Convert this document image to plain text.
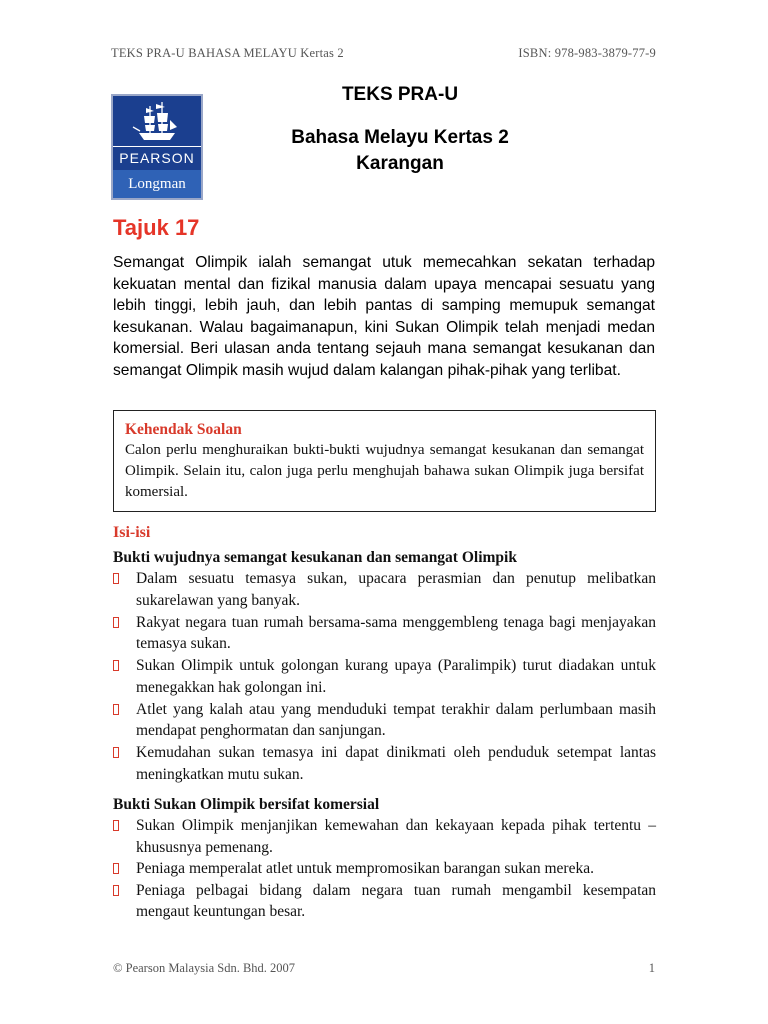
TEKS PRA-U BAHASA MELAYU Kertas 2	ISBN: 978-983-3879-77-9
PEARSON
Longman
TEKS PRA-U
Bahasa Melayu Kertas 2
Karangan
Tajuk 17

Semangat Olimpik ialah semangat utuk memecahkan sekatan terhadap kekuatan mental dan fizikal manusia dalam upaya mencapai sesuatu yang lebih tinggi, lebih jauh, dan lebih pantas di samping memupuk semangat kesukanan. Walau bagaimanapun, kini Sukan Olimpik telah menjadi medan komersial. Beri ulasan anda tentang sejauh mana semangat kesukanan dan semangat Olimpik masih wujud dalam kalangan pihak-pihak yang terlibat.

Kehendak Soalan

Calon perlu menghuraikan bukti-bukti wujudnya semangat kesukanan dan semangat Olimpik. Selain itu, calon juga perlu menghujah bahawa sukan Olimpik juga bersifat komersial.

Isi-isi
Bukti wujudnya semangat kesukanan dan semangat Olimpik
Dalam sesuatu temasya sukan, upacara perasmian dan penutup melibatkan sukarelawan yang banyak.
Rakyat negara tuan rumah bersama-sama menggembleng tenaga bagi menjayakan temasya sukan.
Sukan Olimpik untuk golongan kurang upaya (Paralimpik) turut diadakan untuk menegakkan hak golongan ini.
Atlet yang kalah atau yang menduduki tempat terakhir dalam perlumbaan masih mendapat penghormatan dan sanjungan.
Kemudahan sukan temasya ini dapat dinikmati oleh penduduk setempat lantas meningkatkan mutu sukan.
Bukti Sukan Olimpik bersifat komersial
Sukan Olimpik menjanjikan kemewahan dan kekayaan kepada pihak tertentu – khususnya pemenang.
Peniaga memperalat atlet untuk mempromosikan barangan sukan mereka.
Peniaga pelbagai bidang dalam negara tuan rumah mengambil kesempatan mengaut keuntungan besar.
© Pearson Malaysia Sdn. Bhd. 2007	1
